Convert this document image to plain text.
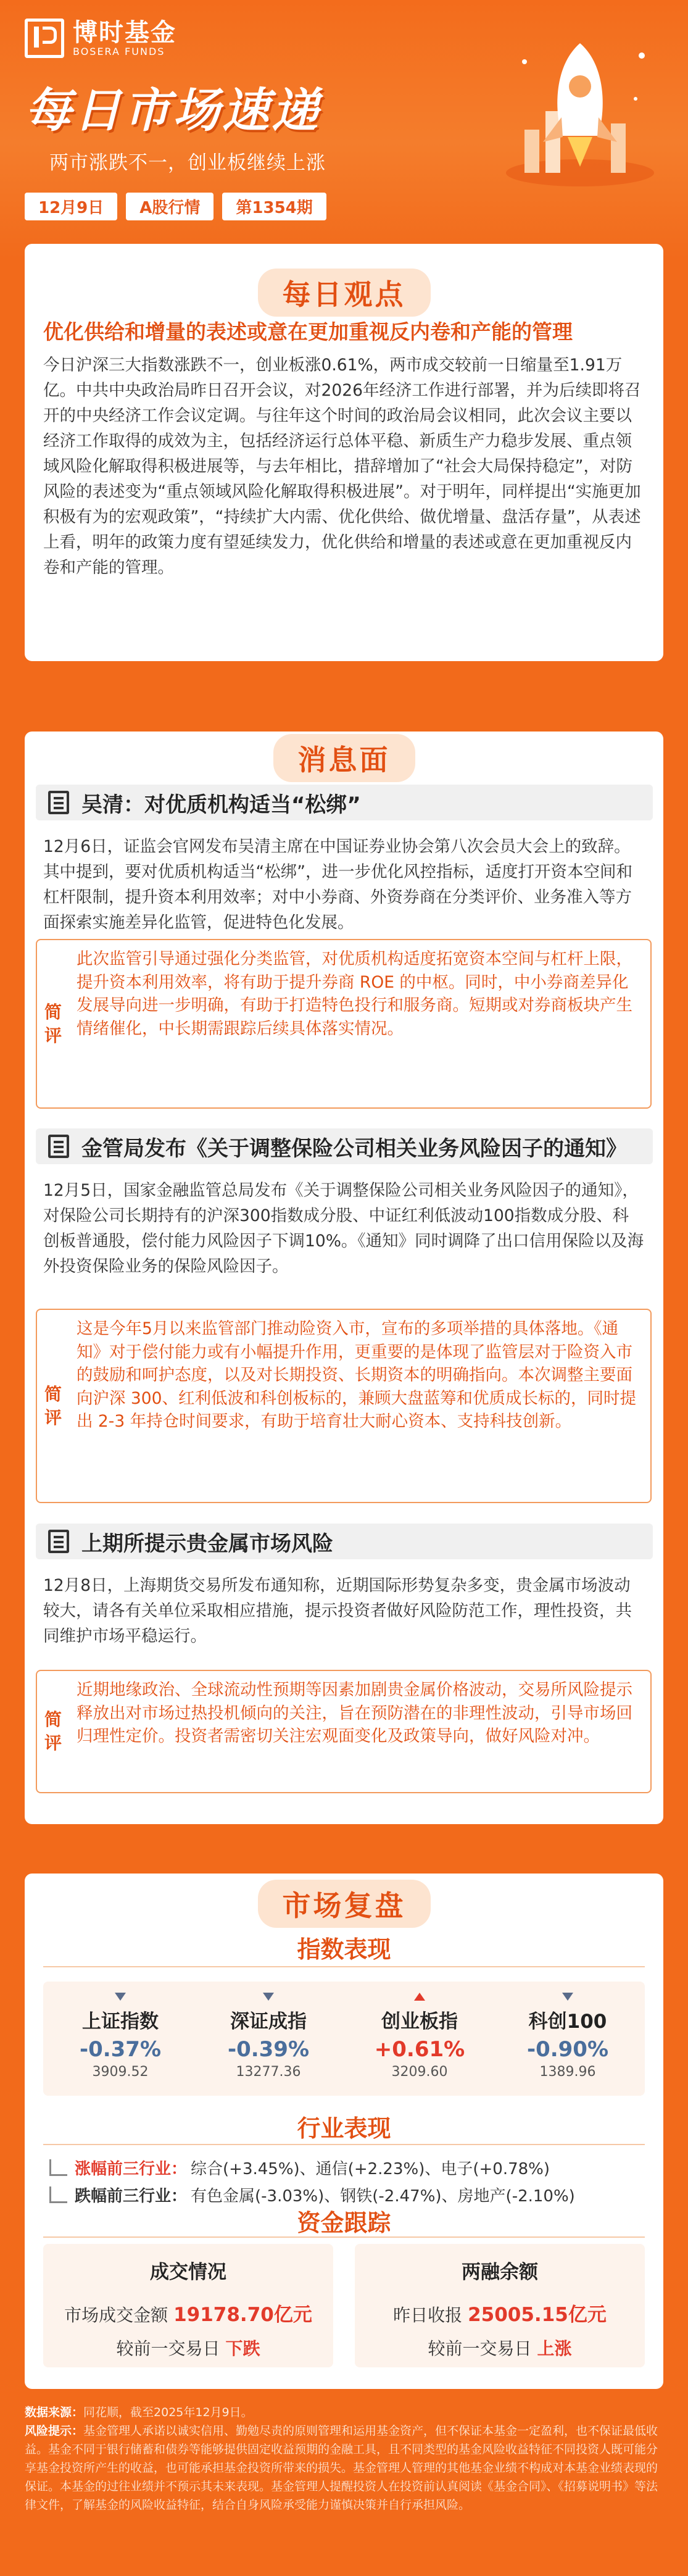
博时基金
BOSERA FUNDS
每日市场速递
两市涨跌不一，创业板继续上涨
12月9日	A股行情	第1354期
每日观点
优化供给和增量的表述或意在更加重视反内卷和产能的管理
今日沪深三大指数涨跌不一，创业板涨0.61%，两市成交较前一日缩量至1.91万亿。中共中央政治局昨日召开会议，对2026年经济工作进行部署，并为后续即将召开的中央经济工作会议定调。与往年这个时间的政治局会议相同，此次会议主要以经济工作取得的成效为主，包括经济运行总体平稳、新质生产力稳步发展、重点领域风险化解取得积极进展等，与去年相比，措辞增加了“社会大局保持稳定”，对防风险的表述变为“重点领域风险化解取得积极进展”。对于明年，同样提出“实施更加积极有为的宏观政策”，“持续扩大内需、优化供给、做优增量、盘活存量”，从表述上看，明年的政策力度有望延续发力，优化供给和增量的表述或意在更加重视反内卷和产能的管理。
消息面
吴清：对优质机构适当“松绑”
12月6日，证监会官网发布吴清主席在中国证券业协会第八次会员大会上的致辞。其中提到，要对优质机构适当“松绑”，进一步优化风控指标，适度打开资本空间和杠杆限制，提升资本利用效率；对中小券商、外资券商在分类评价、业务准入等方面探索实施差异化监管，促进特色化发展。
简评
此次监管引导通过强化分类监管，对优质机构适度拓宽资本空间与杠杆上限，提升资本利用效率，将有助于提升券商 ROE 的中枢。同时，中小券商差异化发展导向进一步明确，有助于打造特色投行和服务商。短期或对券商板块产生情绪催化，中长期需跟踪后续具体落实情况。
金管局发布《关于调整保险公司相关业务风险因子的通知》
12月5日，国家金融监管总局发布《关于调整保险公司相关业务风险因子的通知》，对保险公司长期持有的沪深300指数成分股、中证红利低波动100指数成分股、科创板普通股，偿付能力风险因子下调10%。《通知》同时调降了出口信用保险以及海外投资保险业务的保险风险因子。
简评
这是今年5月以来监管部门推动险资入市，宣布的多项举措的具体落地。《通知》对于偿付能力或有小幅提升作用，更重要的是体现了监管层对于险资入市的鼓励和呵护态度，以及对长期投资、长期资本的明确指向。本次调整主要面向沪深 300、红利低波和科创板标的，兼顾大盘蓝筹和优质成长标的，同时提出 2-3 年持仓时间要求，有助于培育壮大耐心资本、支持科技创新。
上期所提示贵金属市场风险
12月8日，上海期货交易所发布通知称，近期国际形势复杂多变，贵金属市场波动较大，请各有关单位采取相应措施，提示投资者做好风险防范工作，理性投资，共同维护市场平稳运行。
简评
近期地缘政治、全球流动性预期等因素加剧贵金属价格波动，交易所风险提示释放出对市场过热投机倾向的关注，旨在预防潜在的非理性波动，引导市场回归理性定价。投资者需密切关注宏观面变化及政策导向，做好风险对冲。
市场复盘
指数表现
上证指数
-0.37%
3909.52
深证成指
-0.39%
13277.36
创业板指
+0.61%
3209.60
科创100
-0.90%
1389.96
行业表现
涨幅前三行业： 综合(+3.45%)、通信(+2.23%)、电子(+0.78%)
跌幅前三行业： 有色金属(-3.03%)、钢铁(-2.47%)、房地产(-2.10%)
资金跟踪
成交情况
市场成交金额 19178.70亿元
较前一交易日 下跌
两融余额
昨日收报 25005.15亿元
较前一交易日 上涨
数据来源：同花顺，截至2025年12月9日。
风险提示：基金管理人承诺以诚实信用、勤勉尽责的原则管理和运用基金资产，但不保证本基金一定盈利，也不保证最低收益。基金不同于银行储蓄和债券等能够提供固定收益预期的金融工具，且不同类型的基金风险收益特征不同投资人既可能分享基金投资所产生的收益，也可能承担基金投资所带来的损失。基金管理人管理的其他基金业绩不构成对本基金业绩表现的保证。本基金的过往业绩并不预示其未来表现。基金管理人提醒投资人在投资前认真阅读《基金合同》、《招募说明书》等法律文件，了解基金的风险收益特征，结合自身风险承受能力谨慎决策并自行承担风险。
